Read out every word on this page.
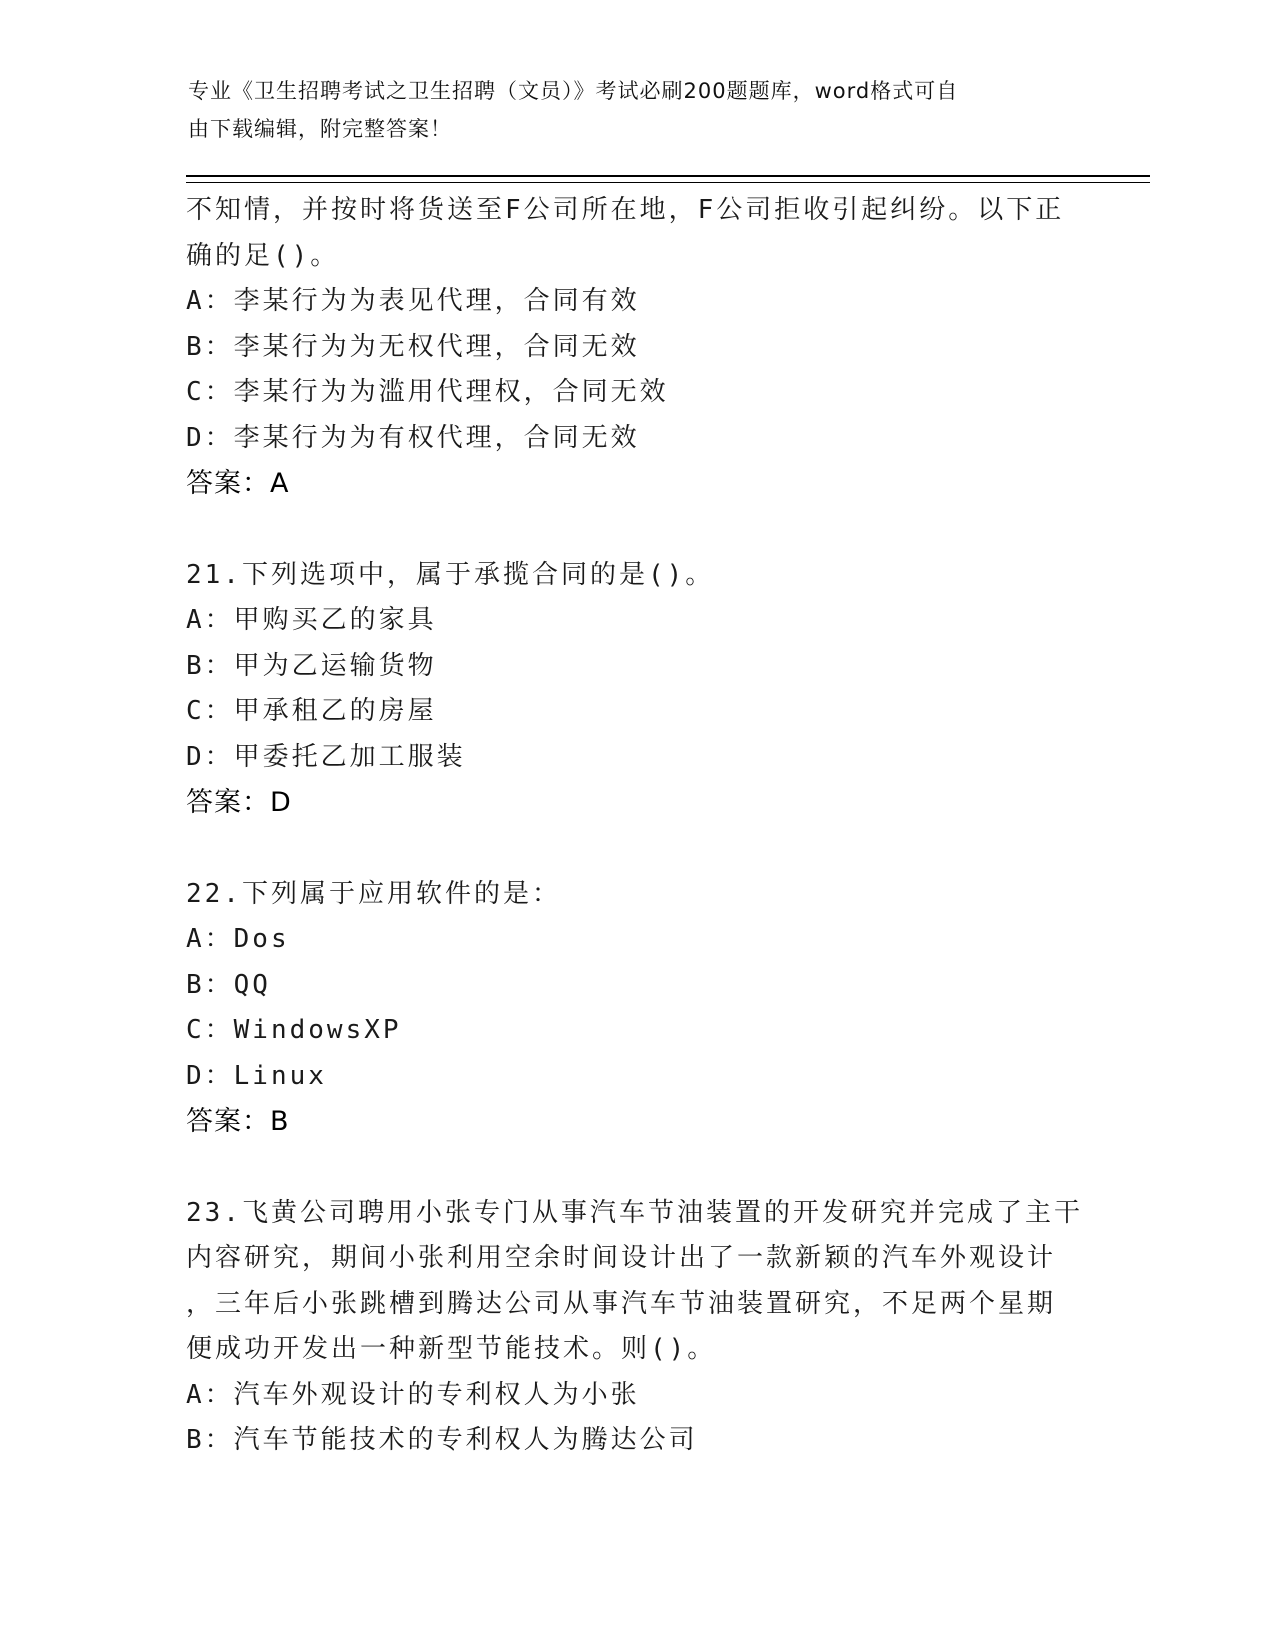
专业《卫生招聘考试之卫生招聘（文员）》考试必刷200题题库，word格式可自
由下载编辑，附完整答案！
不知情，并按时将货送至F公司所在地，F公司拒收引起纠纷。以下正
确的足()。
A：李某行为为表见代理，合同有效
B：李某行为为无权代理，合同无效
C：李某行为为滥用代理权，合同无效
D：李某行为为有权代理，合同无效
答案：A
21.下列选项中，属于承揽合同的是()。
A：甲购买乙的家具
B：甲为乙运输货物
C：甲承租乙的房屋
D：甲委托乙加工服装
答案：D
22.下列属于应用软件的是：
A：Dos
B：QQ
C：WindowsXP
D：Linux
答案：B
23.飞黄公司聘用小张专门从事汽车节油装置的开发研究并完成了主干
内容研究，期间小张利用空余时间设计出了一款新颖的汽车外观设计
，三年后小张跳槽到腾达公司从事汽车节油装置研究，不足两个星期
便成功开发出一种新型节能技术。则()。
A：汽车外观设计的专利权人为小张
B：汽车节能技术的专利权人为腾达公司
